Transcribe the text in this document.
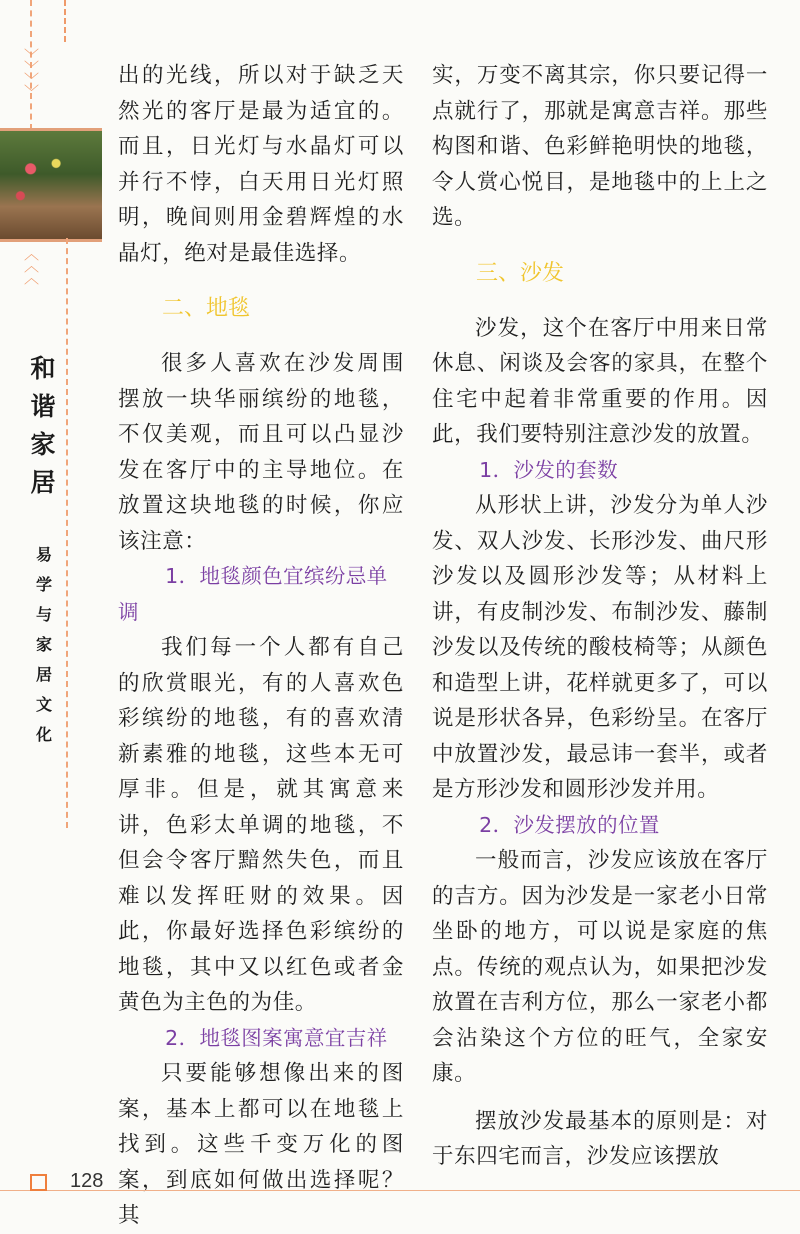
﹀
﹀
﹀
﹀
︿
︿
︿
和
谐
家
居
易
学
与
家
居
文
化

出的光线，所以对于缺乏天然光的客厅是最为适宜的。而且，日光灯与水晶灯可以并行不悖，白天用日光灯照明，晚间则用金碧辉煌的水晶灯，绝对是最佳选择。

二、地毯

很多人喜欢在沙发周围摆放一块华丽缤纷的地毯，不仅美观，而且可以凸显沙发在客厅中的主导地位。在放置这块地毯的时候，你应该注意：

1．地毯颜色宜缤纷忌单调

我们每一个人都有自己的欣赏眼光，有的人喜欢色彩缤纷的地毯，有的喜欢清新素雅的地毯，这些本无可厚非。但是，就其寓意来讲，色彩太单调的地毯，不但会令客厅黯然失色，而且难以发挥旺财的效果。因此，你最好选择色彩缤纷的地毯，其中又以红色或者金黄色为主色的为佳。

2．地毯图案寓意宜吉祥

只要能够想像出来的图案，基本上都可以在地毯上找到。这些千变万化的图案，到底如何做出选择呢？其

实，万变不离其宗，你只要记得一点就行了，那就是寓意吉祥。那些构图和谐、色彩鲜艳明快的地毯，令人赏心悦目，是地毯中的上上之选。

三、沙发

沙发，这个在客厅中用来日常休息、闲谈及会客的家具，在整个住宅中起着非常重要的作用。因此，我们要特别注意沙发的放置。

1．沙发的套数

从形状上讲，沙发分为单人沙发、双人沙发、长形沙发、曲尺形沙发以及圆形沙发等；从材料上讲，有皮制沙发、布制沙发、藤制沙发以及传统的酸枝椅等；从颜色和造型上讲，花样就更多了，可以说是形状各异，色彩纷呈。在客厅中放置沙发，最忌讳一套半，或者是方形沙发和圆形沙发并用。

2．沙发摆放的位置

一般而言，沙发应该放在客厅的吉方。因为沙发是一家老小日常坐卧的地方，可以说是家庭的焦点。传统的观点认为，如果把沙发放置在吉利方位，那么一家老小都会沾染这个方位的旺气，全家安康。

摆放沙发最基本的原则是：对于东四宅而言，沙发应该摆放

128
